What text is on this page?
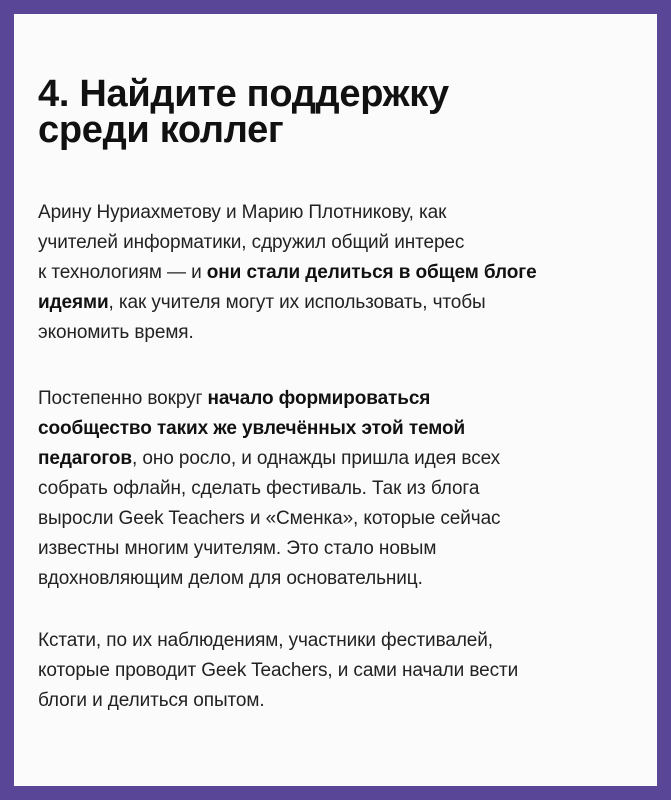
4. Найдите поддержку
среди коллег

Арину Нуриахметову и Марию Плотникову, как
учителей информатики, сдружил общий интерес
к технологиям — и они стали делиться в общем блоге
идеями, как учителя могут их использовать, чтобы
экономить время.

Постепенно вокруг начало формироваться
сообщество таких же увлечённых этой темой
педагогов, оно росло, и однажды пришла идея всех
собрать офлайн, сделать фестиваль. Так из блога
выросли Geek Teachers и «Сменка», которые сейчас
известны многим учителям. Это стало новым
вдохновляющим делом для основательниц.

Кстати, по их наблюдениям, участники фестивалей,
которые проводит Geek Teachers, и сами начали вести
блоги и делиться опытом.
